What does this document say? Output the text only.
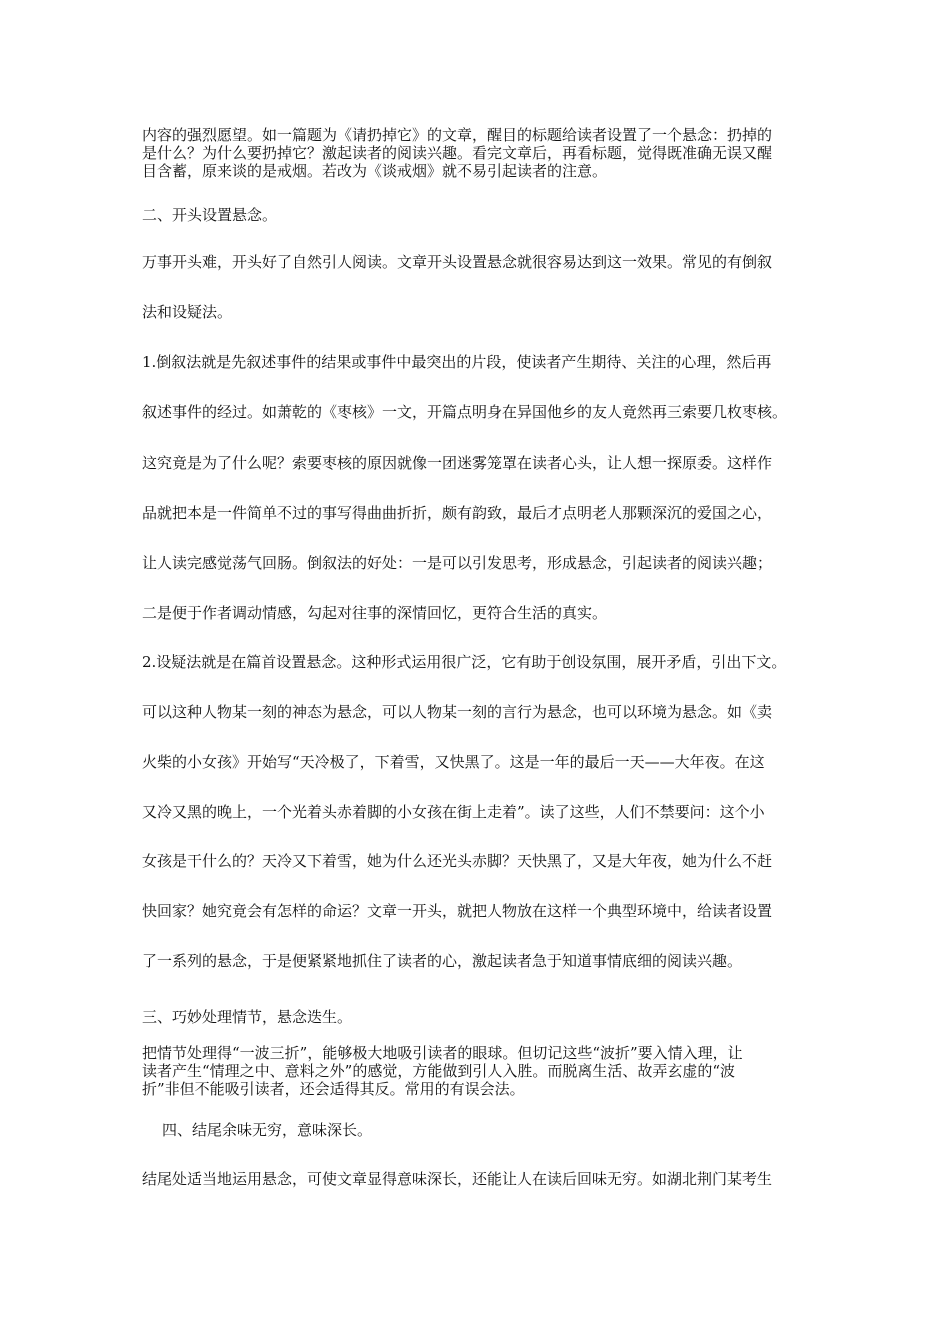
内容的强烈愿望。如一篇题为《请扔掉它》的文章，醒目的标题给读者设置了一个悬念：扔掉的
是什么？为什么要扔掉它？激起读者的阅读兴趣。看完文章后，再看标题，觉得既准确无误又醒
目含蓄，原来谈的是戒烟。若改为《谈戒烟》就不易引起读者的注意。
二、开头设置悬念。
万事开头难，开头好了自然引人阅读。文章开头设置悬念就很容易达到这一效果。常见的有倒叙
法和设疑法。
1.倒叙法就是先叙述事件的结果或事件中最突出的片段，使读者产生期待、关注的心理，然后再
叙述事件的经过。如萧乾的《枣核》一文，开篇点明身在异国他乡的友人竟然再三索要几枚枣核。
这究竟是为了什么呢？索要枣核的原因就像一团迷雾笼罩在读者心头，让人想一探原委。这样作
品就把本是一件简单不过的事写得曲曲折折，颇有韵致，最后才点明老人那颗深沉的爱国之心，
让人读完感觉荡气回肠。倒叙法的好处：一是可以引发思考，形成悬念，引起读者的阅读兴趣；
二是便于作者调动情感，勾起对往事的深情回忆，更符合生活的真实。
2.设疑法就是在篇首设置悬念。这种形式运用很广泛，它有助于创设氛围，展开矛盾，引出下文。
可以这种人物某一刻的神态为悬念，可以人物某一刻的言行为悬念，也可以环境为悬念。如《卖
火柴的小女孩》开始写“天冷极了，下着雪，又快黑了。这是一年的最后一天——大年夜。在这
又冷又黑的晚上，一个光着头赤着脚的小女孩在街上走着”。读了这些，人们不禁要问：这个小
女孩是干什么的？天冷又下着雪，她为什么还光头赤脚？天快黑了，又是大年夜，她为什么不赶
快回家？她究竟会有怎样的命运？文章一开头，就把人物放在这样一个典型环境中，给读者设置
了一系列的悬念，于是便紧紧地抓住了读者的心，激起读者急于知道事情底细的阅读兴趣。
三、巧妙处理情节，悬念迭生。
把情节处理得“一波三折”，能够极大地吸引读者的眼球。但切记这些“波折”要入情入理，让
读者产生“情理之中、意料之外”的感觉，方能做到引人入胜。而脱离生活、故弄玄虚的“波
折”非但不能吸引读者，还会适得其反。常用的有误会法。
四、结尾余味无穷，意味深长。
结尾处适当地运用悬念，可使文章显得意味深长，还能让人在读后回味无穷。如湖北荆门某考生
